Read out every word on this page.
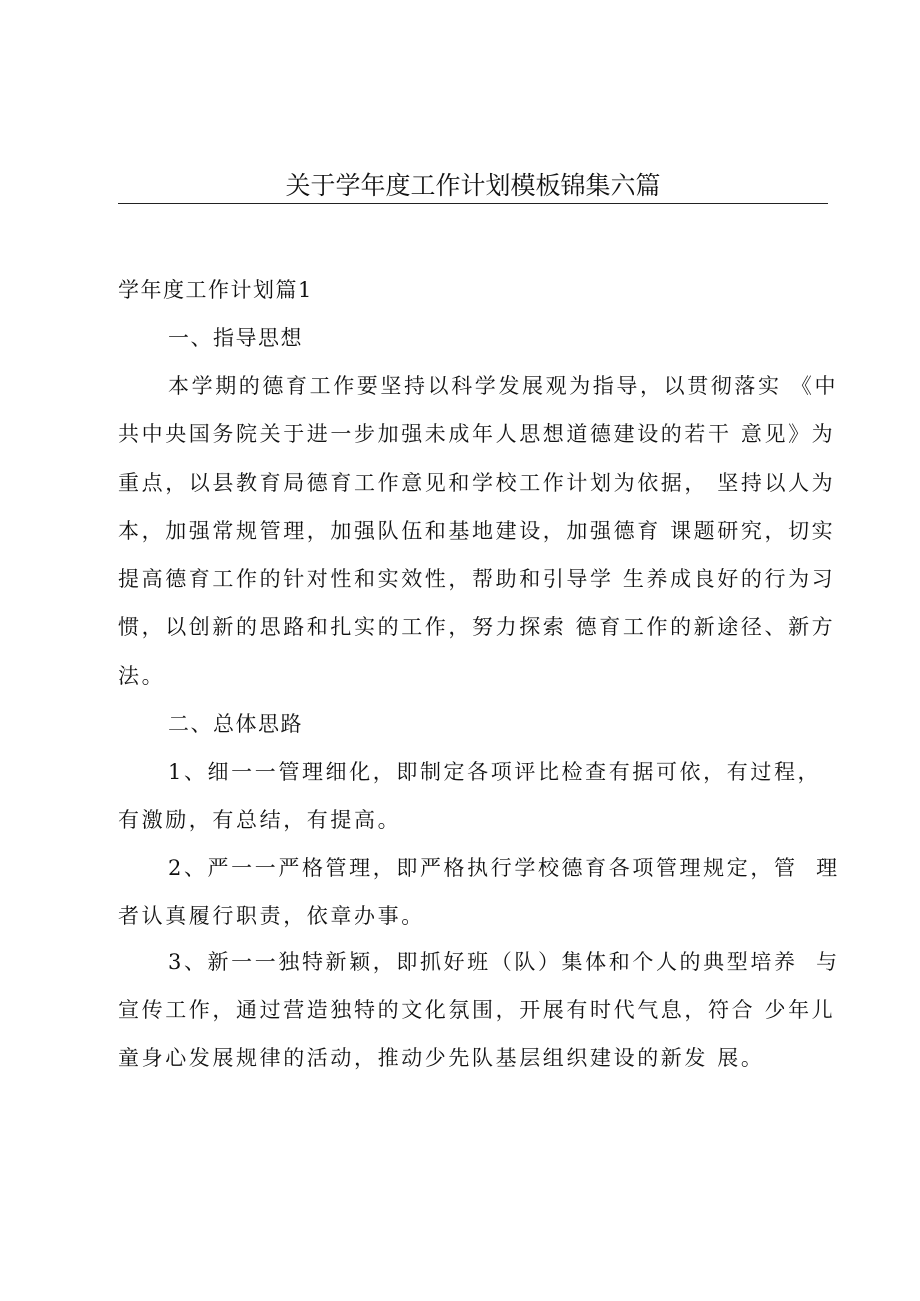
关于学年度工作计划模板锦集六篇
学年度工作计划篇1
一、指导思想
本学期的德育工作要坚持以科学发展观为指导，以贯彻落实 《中
共中央国务院关于进一步加强未成年人思想道德建设的若干 意见》为
重点，以县教育局德育工作意见和学校工作计划为依据， 坚持以人为
本，加强常规管理，加强队伍和基地建设，加强德育 课题研究，切实
提高德育工作的针对性和实效性，帮助和引导学 生养成良好的行为习
惯，以创新的思路和扎实的工作，努力探索 德育工作的新途径、新方
法。
二、总体思路
1、细一一管理细化，即制定各项评比检查有据可依，有过程，
有激励，有总结，有提高。
2、严一一严格管理，即严格执行学校德育各项管理规定，管  理
者认真履行职责，依章办事。
3、新一一独特新颖，即抓好班（队）集体和个人的典型培养  与
宣传工作，通过营造独特的文化氛围，开展有时代气息，符合 少年儿
童身心发展规律的活动，推动少先队基层组织建设的新发 展。
